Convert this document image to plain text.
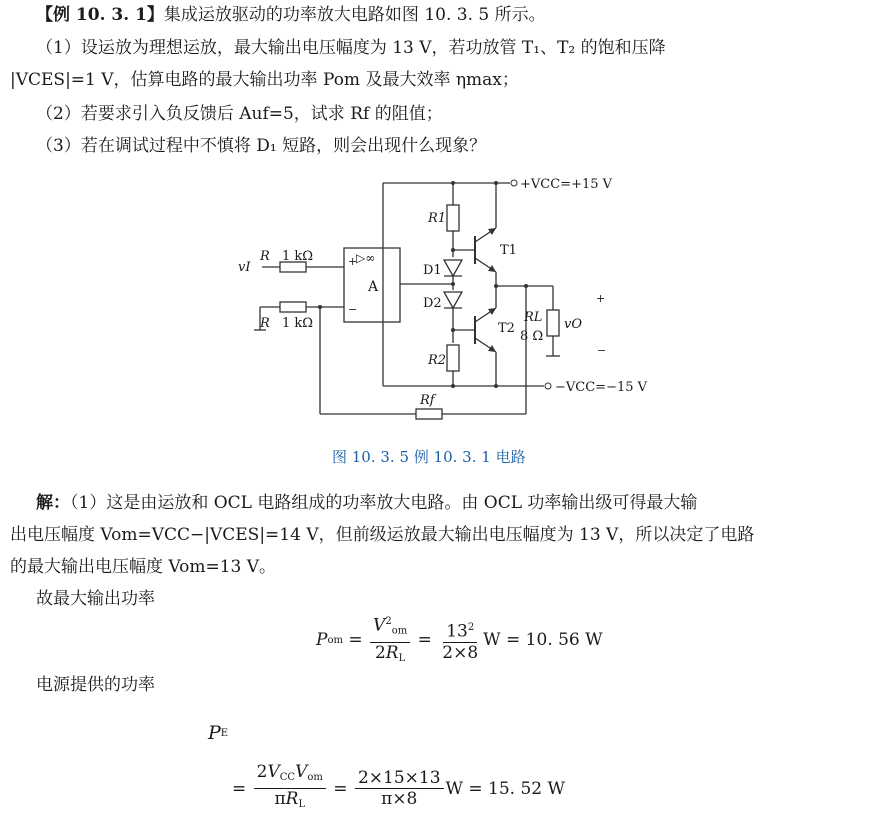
【例 10. 3. 1】集成运放驱动的功率放大电路如图 10. 3. 5 所示。
（1）设运放为理想运放，最大输出电压幅度为 13 V，若功放管 T₁、T₂ 的饱和压降
|VCES|=1 V，估算电路的最大输出功率 Pom 及最大效率 ηmax；
（2）若要求引入负反馈后 Auf=5，试求 Rf 的阻值；
（3）若在调试过程中不慎将 D₁ 短路，则会出现什么现象？
+VCC=+15 V
−VCC=−15 V
R1
D1
D2
R2
T1
T2
A
▷∞
+
−
vI
R 1 kΩ
R 1 kΩ	RL
8 Ω
vO
+
−
Rf
图 10. 3. 5 例 10. 3. 1 电路
解：（1）这是由运放和 OCL 电路组成的功率放大电路。由 OCL 功率输出级可得最大输
出电压幅度 Vom=VCC−|VCES|=14 V，但前级运放最大输出电压幅度为 13 V，所以决定了电路
的最大输出电压幅度 Vom=13 V。
故最大输出功率
P om = $\frac{V^2_{om}}{2R_L} = \frac{13^2}{2\times 8}$ W = 10. 56 W
电源提供的功率
P E
= $\frac{2V_{CC}V_{om}}{\pi R_L} = \frac{2\times 15\times 13}{\pi\times 8}$ W = 15. 52 W
